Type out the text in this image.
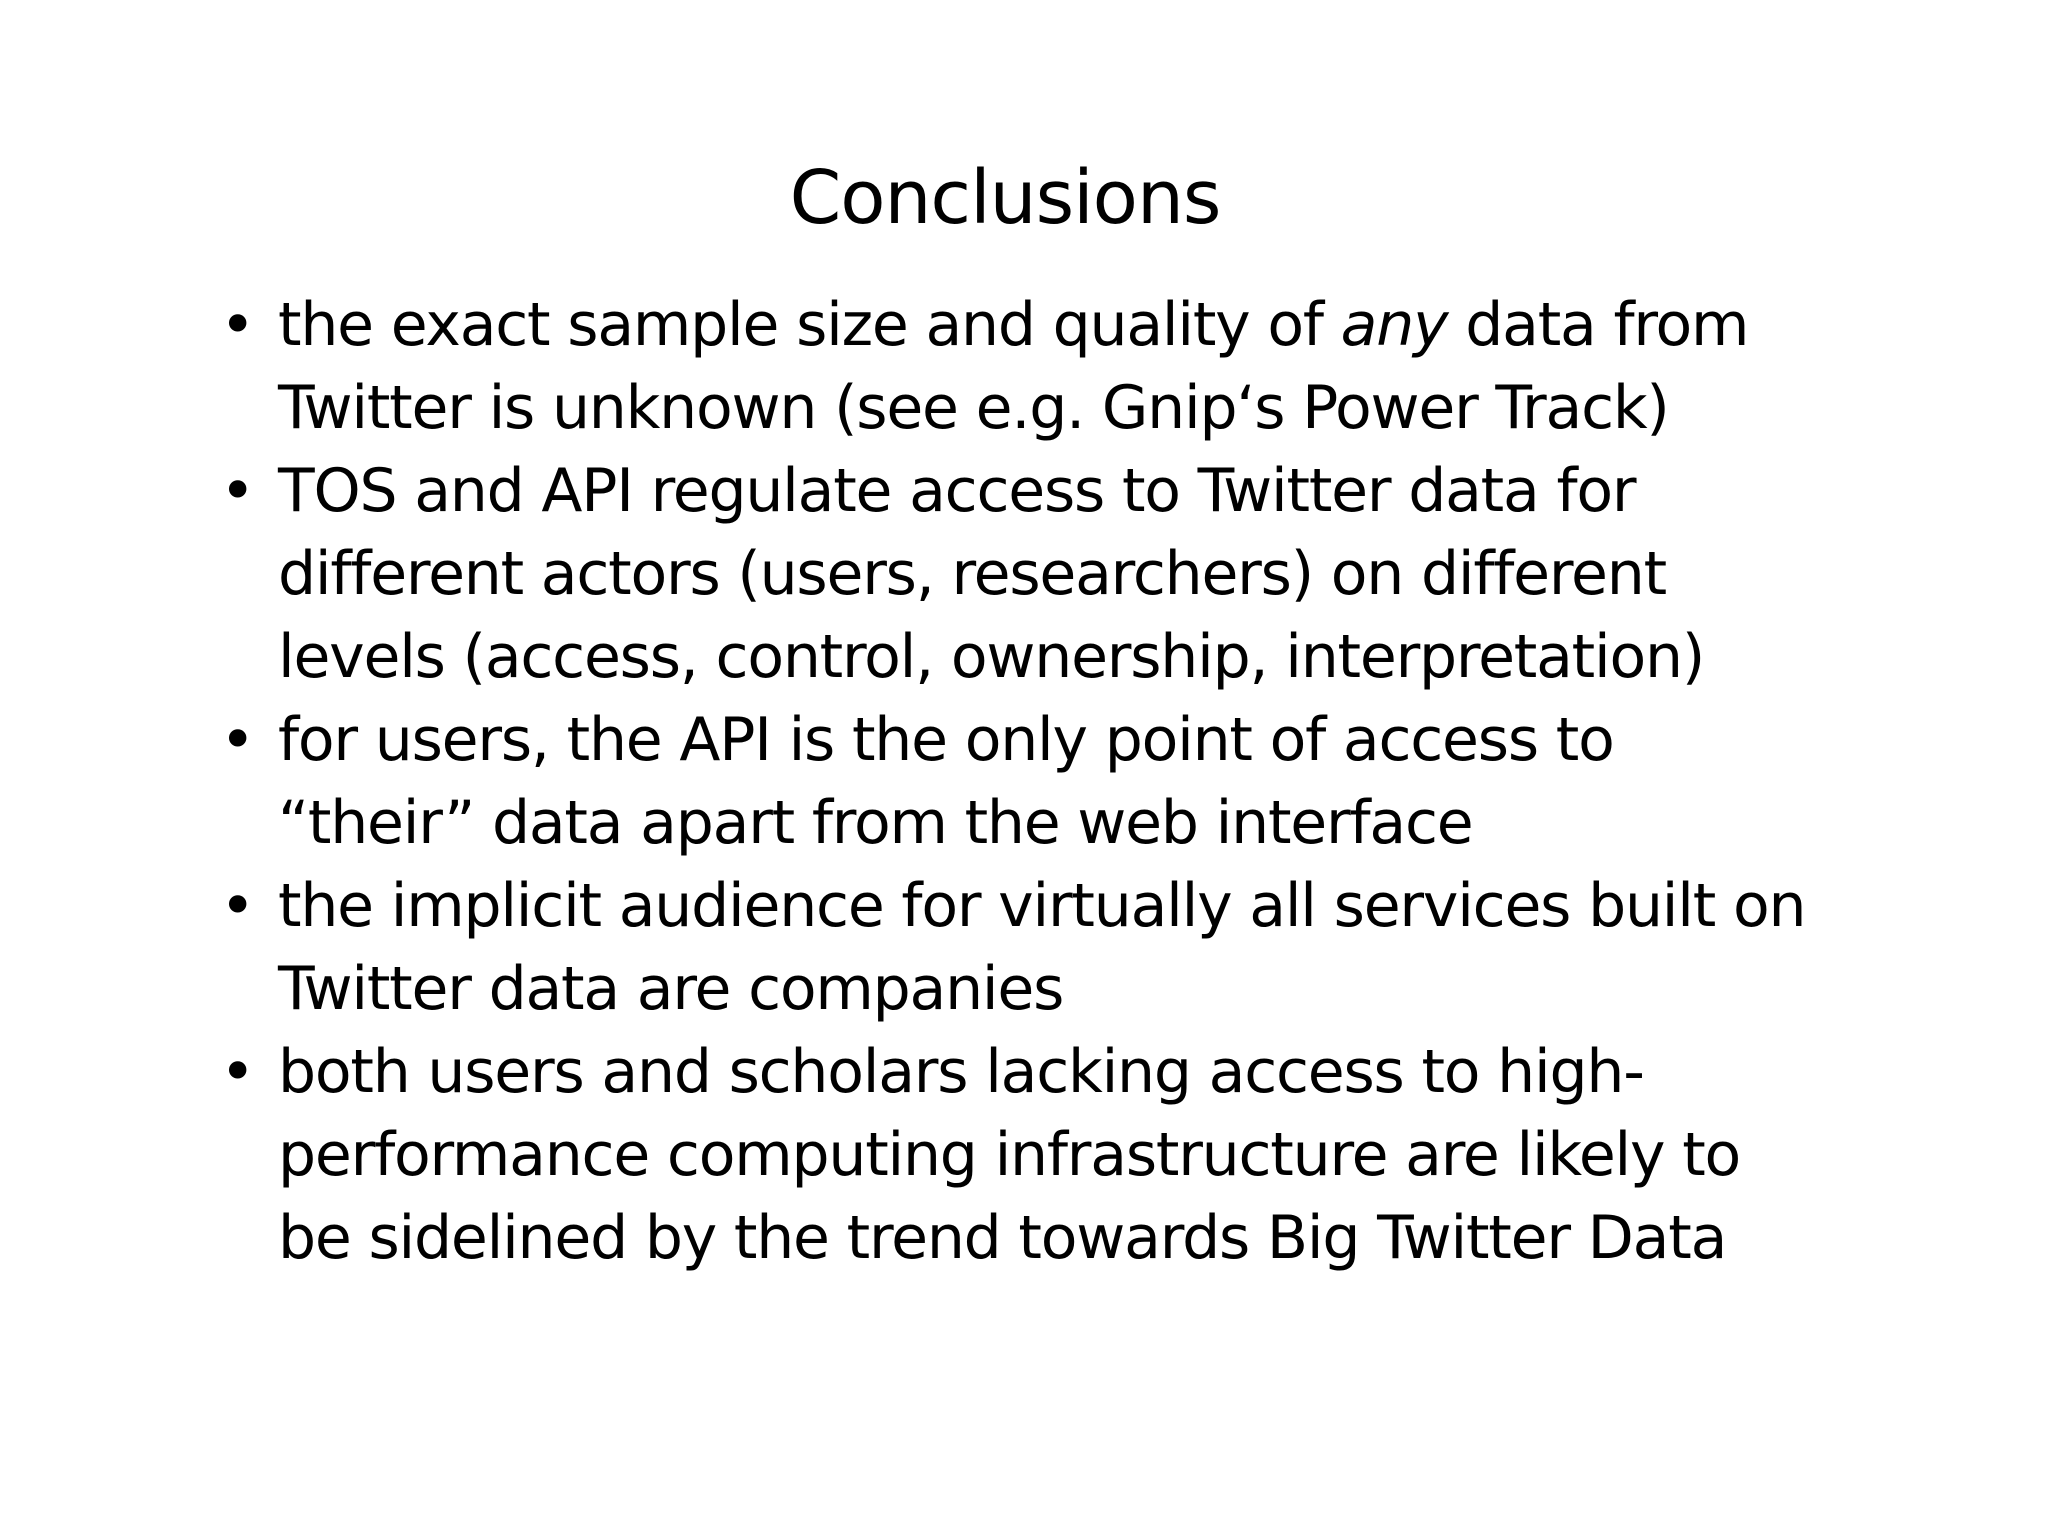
Conclusions
• the exact sample size and quality of any data from
Twitter is unknown (see e.g. Gnip‘s Power Track)
• TOS and API regulate access to Twitter data for
different actors (users, researchers) on different
levels (access, control, ownership, interpretation)
• for users, the API is the only point of access to
“their” data apart from the web interface
• the implicit audience for virtually all services built on
Twitter data are companies
• both users and scholars lacking access to high-
performance computing infrastructure are likely to
be sidelined by the trend towards Big Twitter Data
